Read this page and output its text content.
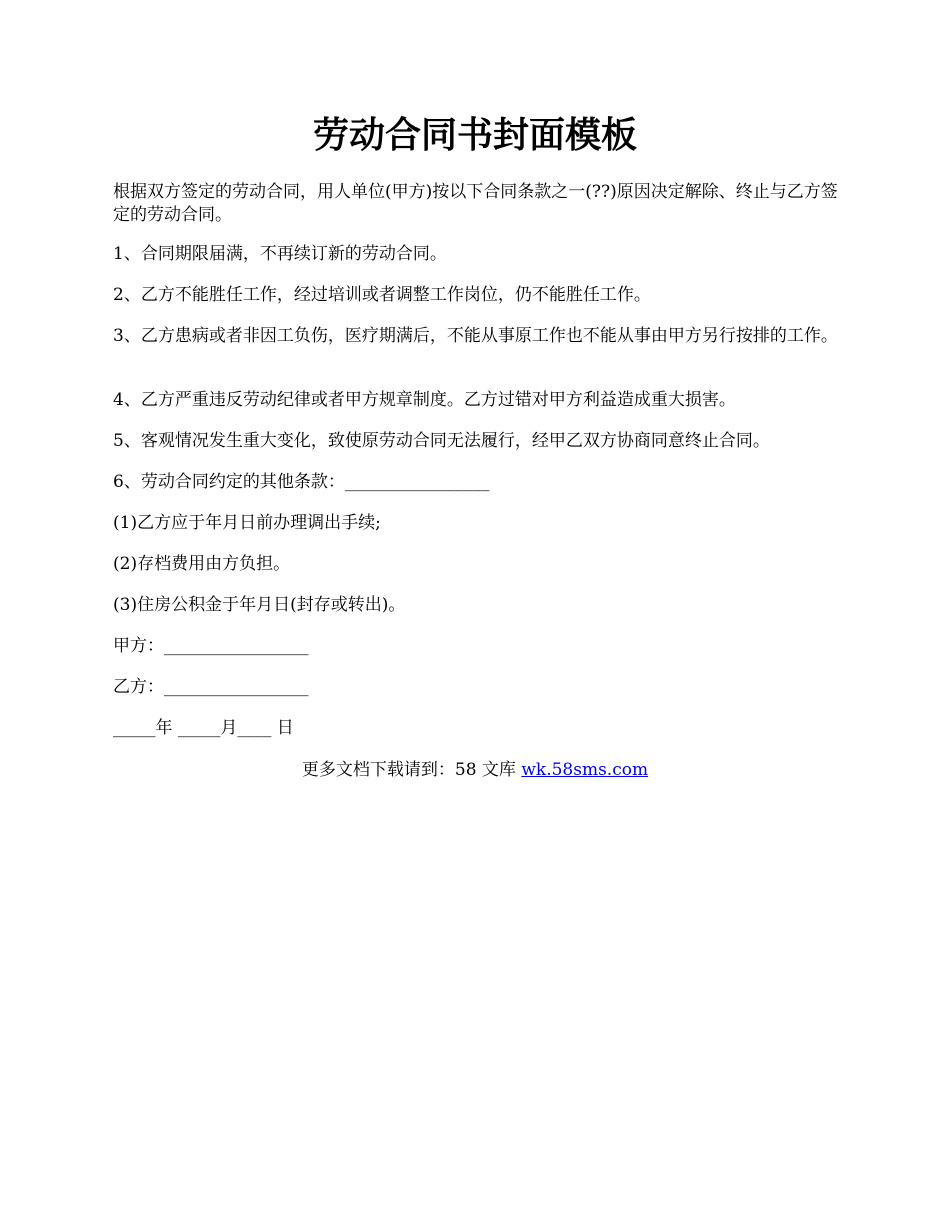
劳动合同书封面模板

根据双方签定的劳动合同，用人单位(甲方)按以下合同条款之一(??)原因决定解除、终止与乙方签定的劳动合同。

1、合同期限届满，不再续订新的劳动合同。

2、乙方不能胜任工作，经过培训或者调整工作岗位，仍不能胜任工作。

3、乙方患病或者非因工负伤，医疗期满后，不能从事原工作也不能从事由甲方另行按排的工作。

4、乙方严重违反劳动纪律或者甲方规章制度。乙方过错对甲方利益造成重大损害。

5、客观情况发生重大变化，致使原劳动合同无法履行，经甲乙双方协商同意终止合同。

6、劳动合同约定的其他条款：_________________

(1)乙方应于年月日前办理调出手续;

(2)存档费用由方负担。

(3)住房公积金于年月日(封存或转出)。

甲方：_________________

乙方：_________________

_____年 _____月____ 日

更多文档下载请到：58 文库 wk.58sms.com
